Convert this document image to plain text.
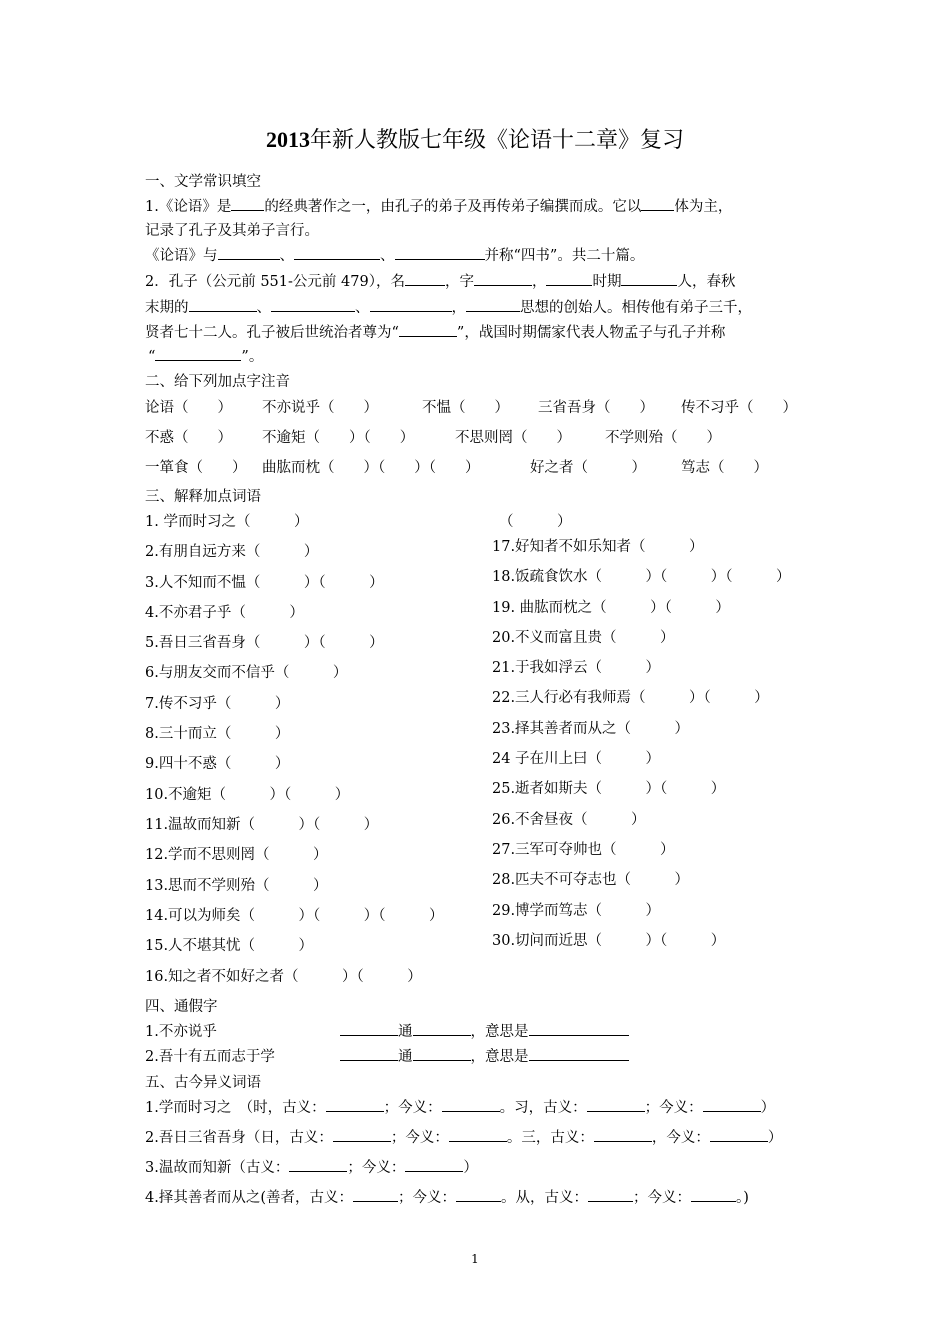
2013年新人教版七年级《论语十二章》复习
一、文学常识填空
1.《论语》是 的经典著作之一，由孔子的弟子及再传弟子编撰而成。它以 体为主，
记录了孔子及其弟子言行。
《论语》与	、	、	并称“四书”。共二十篇。
2．孔子（公元前 551-公元前 479），名	，字	，	时期	人，春秋
末期的	、	、	，	思想的创始人。相传他有弟子三千，
贤者七十二人。孔子被后世统治者尊为“	”，战国时期儒家代表人物孟子与孔子并称
“	”。
二、给下列加点字注音
论语（　　） 不亦说乎（　　）	不愠（　　） 三省吾身（　　） 传不习乎（　　）
不惑（　　） 不逾矩（　　）（　　）	不思则罔（　　） 不学则殆（　　）
一箪食（　　） 曲肱而枕（　　）（　　）（　　）	好之者（　　　） 笃志（　　）
三、解释加点词语
1. 学而时习之（　　　）
2.有朋自远方来（　　　）
3.人不知而不愠（　　　）（　　　）
4.不亦君子乎（　　　）
5.吾日三省吾身（　　　）（　　　）
6.与朋友交而不信乎（　　　）
7.传不习乎（　　　）
8.三十而立（　　　）
9.四十不惑（　　　）
10.不逾矩（　　　）（　　　）
11.温故而知新（　　　）（　　　）
12.学而不思则罔（　　　）
13.思而不学则殆（　　　）
14.可以为师矣（　　　）（　　　）（　　　）
15.人不堪其忧（　　　）
16.知之者不如好之者（　　　）（　　　）
（　　　）
17.好知者不如乐知者（　　　）
18.饭疏食饮水（　　　）（　　　）（　　　）
19. 曲肱而枕之（　　　）（　　　）
20.不义而富且贵（　　　）
21.于我如浮云（　　　）
22.三人行必有我师焉（　　　）（　　　）
23.择其善者而从之（　　　）
24 子在川上曰（　　　）
25.逝者如斯夫（　　　）（　　　）
26.不舍昼夜（　　　）
27.三军可夺帅也（　　　）
28.匹夫不可夺志也（　　　）
29.博学而笃志（　　　）
30.切问而近思（　　　）（　　　）
四、通假字
1.不亦说乎	通	，意思是
2.吾十有五而志于学	通	，意思是
五、古今异义词语
1.学而时习之　（时，古义：	；今义：	。习，古义：	；今义：	）
2.吾日三省吾身（日，古义：	；今义：	。三，古义：	，今义：	）
3.温故而知新（古义：	；今义：	）
4.择其善者而从之(善者，古义：	；今义：	。从，古义：	；今义：	。)
1
